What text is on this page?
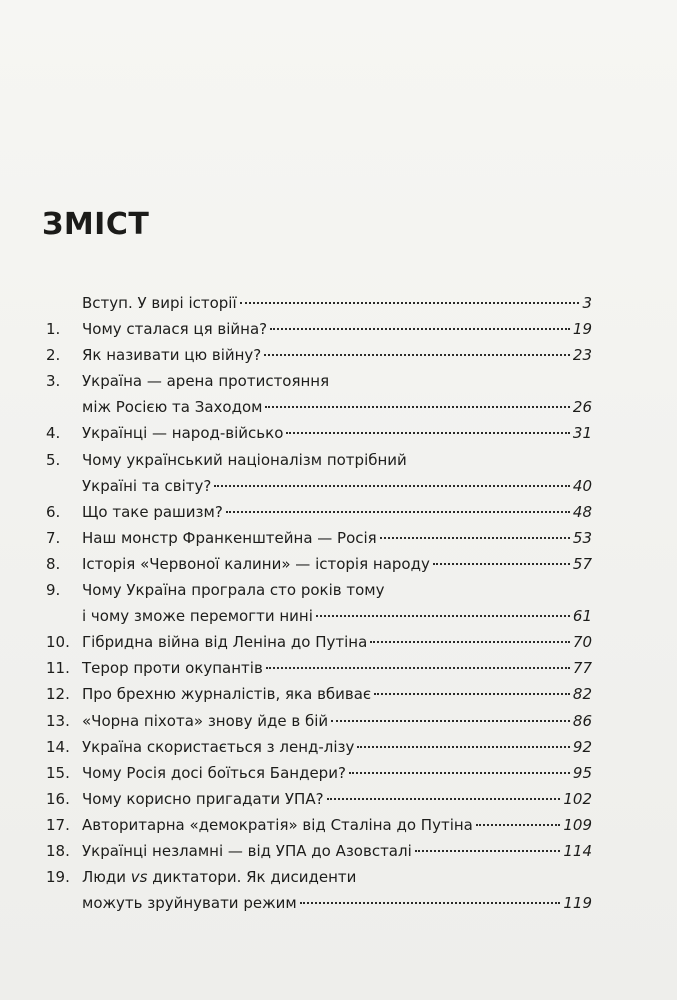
ЗМІСТ
Вступ. У вирі історії	3
1.	Чому сталася ця війна?	19
2.	Як називати цю війну?	23
3.	Україна — арена протистояння
між Росією та Заходом	26
4.	Українці — народ-військо	31
5.	Чому український націоналізм потрібний
Україні та світу?	40
6.	Що таке рашизм?	48
7.	Наш монстр Франкенштейна — Росія	53
8.	Історія «Червоної калини» — історія народу	57
9.	Чому Україна програла сто років тому
і чому зможе перемогти нині	61
10. Гібридна війна від Леніна до Путіна	70
11. Терор проти окупантів	77
12. Про брехню журналістів, яка вбиває	82
13. «Чорна піхота» знову йде в бій	86
14. Україна скористається з ленд-лізу	92
15. Чому Росія досі боїться Бандери?	95
16. Чому корисно пригадати УПА?	102
17. Авторитарна «демократія» від Сталіна до Путіна	109
18. Українці незламні — від УПА до Азовсталі	114
19. Люди vs диктатори. Як дисиденти
можуть зруйнувати режим	119
